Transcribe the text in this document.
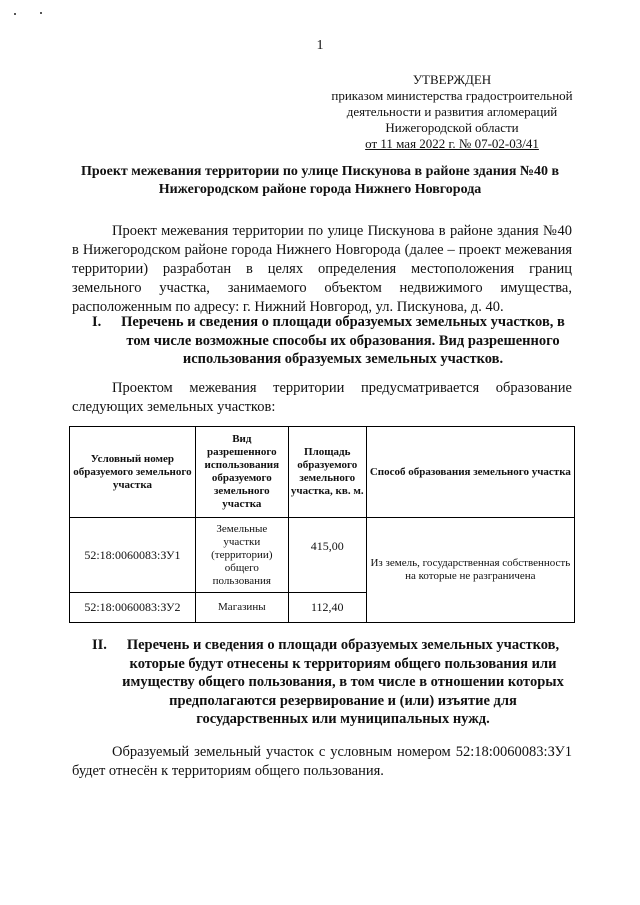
1
УТВЕРЖДЕН
приказом министерства градостроительной
деятельности и развития агломераций
Нижегородской области
от 11 мая 2022 г. № 07-02-03/41
Проект межевания территории по улице Пискунова в районе здания №40 в Нижегородском районе города Нижнего Новгорода
Проект межевания территории по улице Пискунова в районе здания №40 в Нижегородском районе города Нижнего Новгорода (далее – проект межевания территории) разработан в целях определения местоположения границ земельного участка, занимаемого объектом недвижимого имущества, расположенным по адресу: г. Нижний Новгород, ул. Пискунова, д. 40.
I.	Перечень и сведения о площади образуемых земельных участков, в том числе возможные способы их образования. Вид разрешенного использования образуемых земельных участков.
Проектом межевания территории предусматривается образование следующих земельных участков:
Условный номер образуемого земельного участка	Вид разрешенного использования образуемого земельного участка	Площадь образуемого земельного участка, кв. м.	Способ образования земельного участка
52:18:0060083:ЗУ1	Земельные участки (территории) общего пользования	415,00	Из земель, государственная собственность на которые не разграничена
52:18:0060083:ЗУ2	Магазины	112,40	
II.	Перечень и сведения о площади образуемых земельных участков, которые будут отнесены к территориям общего пользования или имуществу общего пользования, в том числе в отношении которых предполагаются резервирование и (или) изъятие для государственных или муниципальных нужд.
Образуемый земельный участок с условным номером 52:18:0060083:ЗУ1 будет отнесён к территориям общего пользования.
